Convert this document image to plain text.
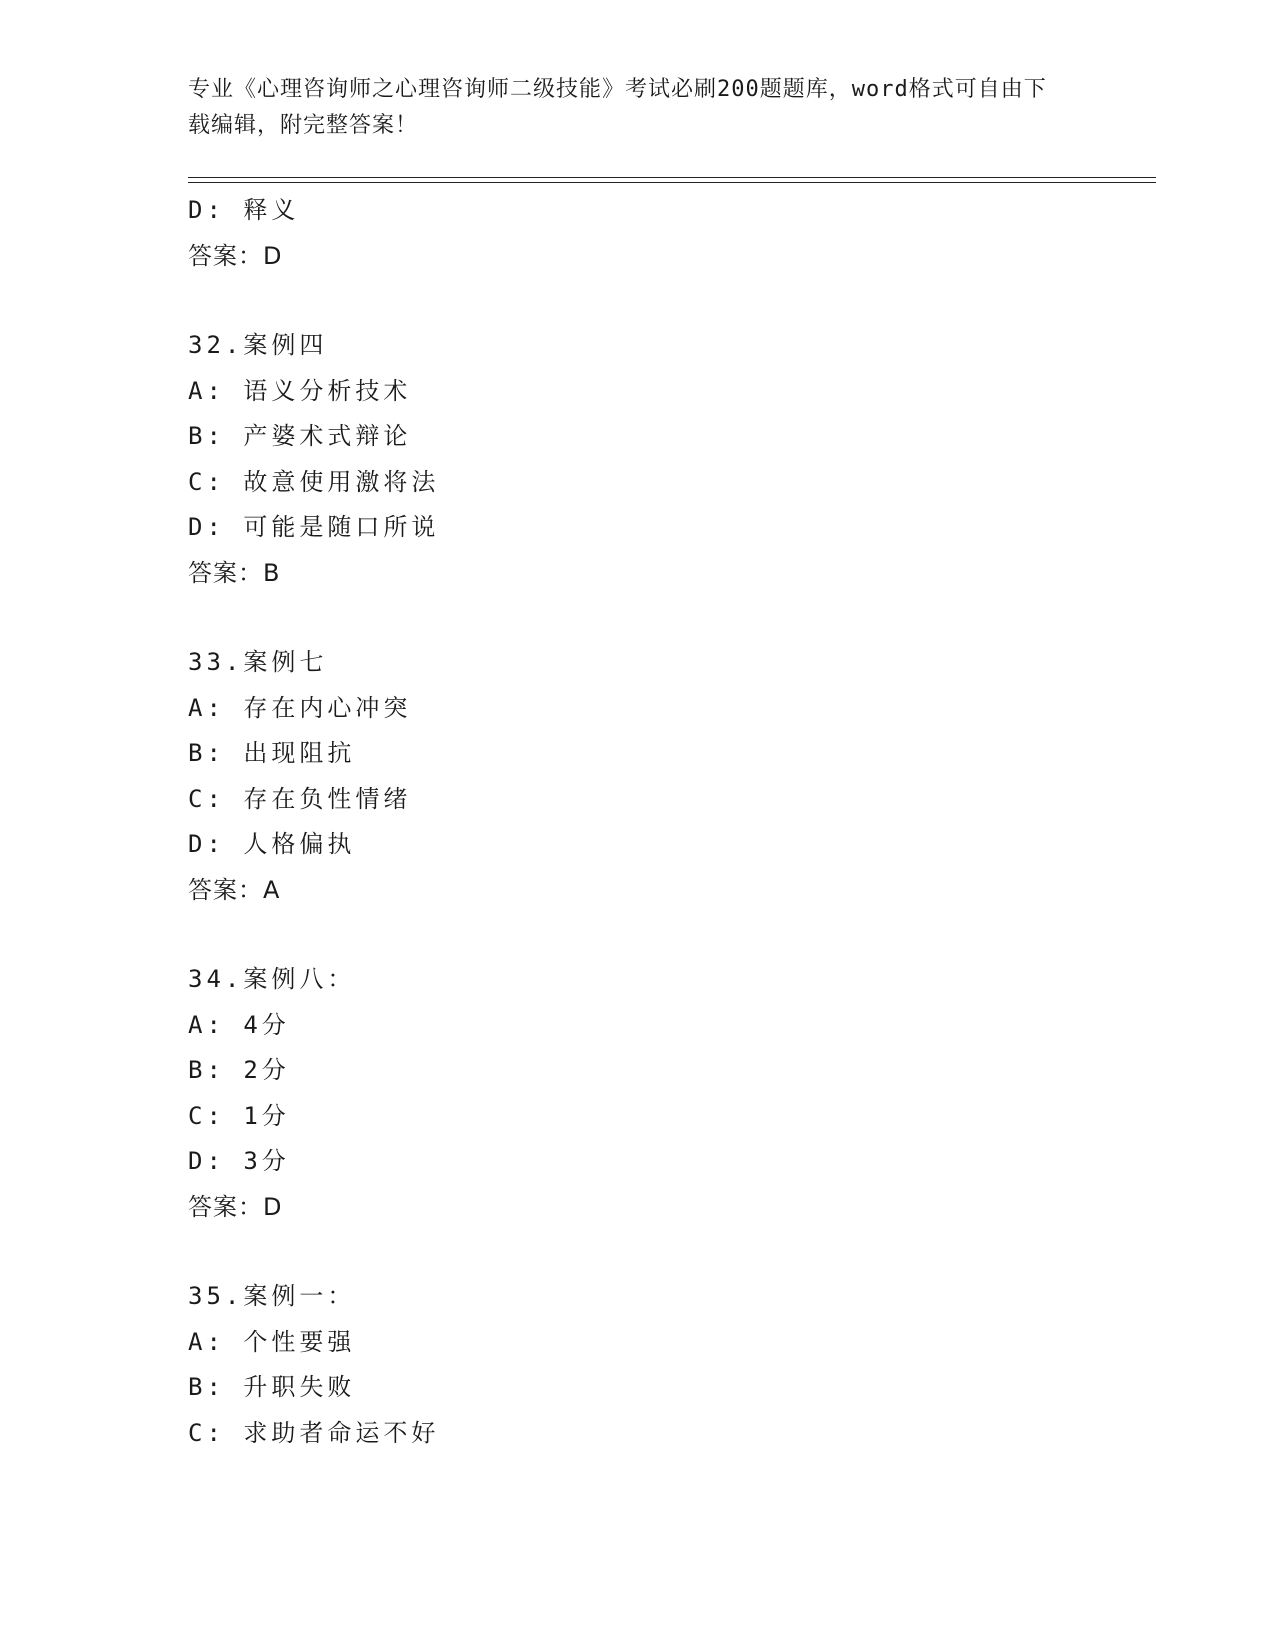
专业《心理咨询师之心理咨询师二级技能》考试必刷200题题库，word格式可自由下载编辑，附完整答案！
D: 释义
答案：D
32.案例四
A: 语义分析技术
B: 产婆术式辩论
C: 故意使用激将法
D: 可能是随口所说
答案：B
33.案例七
A: 存在内心冲突
B: 出现阻抗
C: 存在负性情绪
D: 人格偏执
答案：A
34.案例八：
A: 4分
B: 2分
C: 1分
D: 3分
答案：D
35.案例一：
A: 个性要强
B: 升职失败
C: 求助者命运不好
